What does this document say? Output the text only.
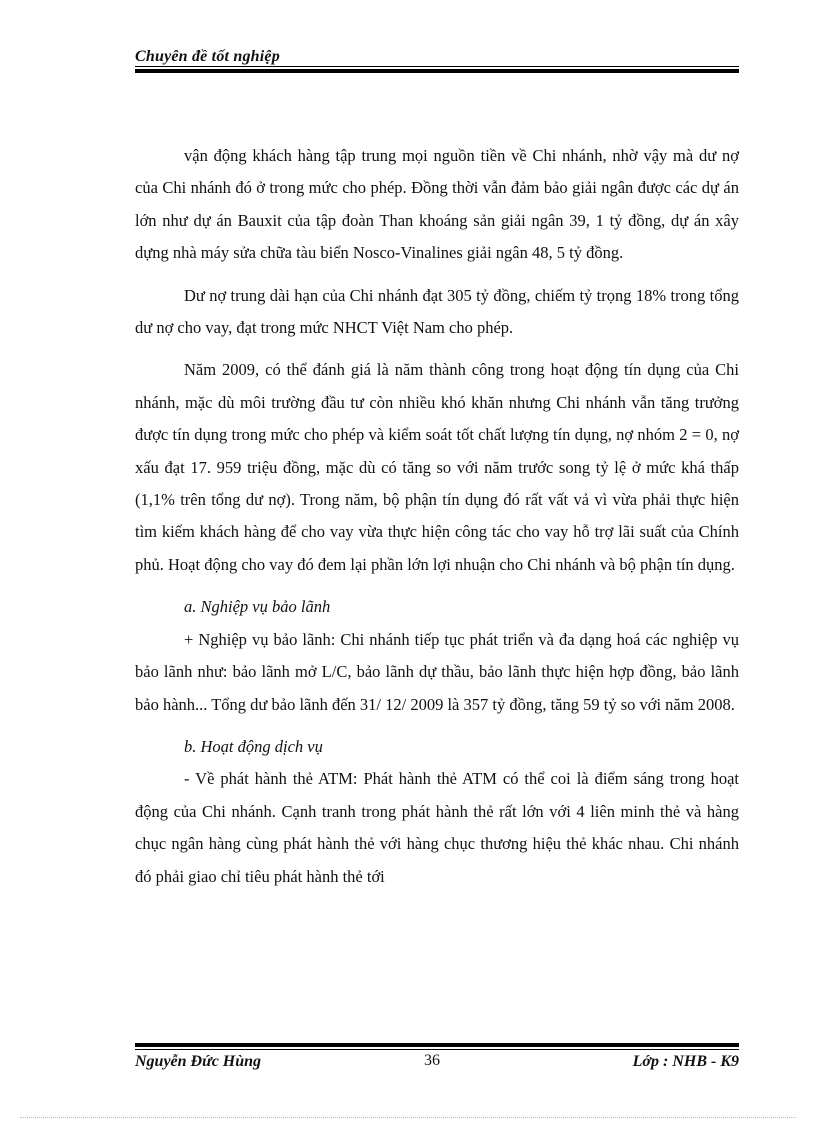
Chuyên đề tốt nghiệp

vận động khách hàng tập trung mọi nguồn tiền về Chi nhánh, nhờ vậy mà dư nợ của Chi nhánh đó ở trong mức cho phép. Đồng thời vẫn đảm bảo giải ngân được các dự án lớn như dự án Bauxit của tập đoàn Than khoáng sản giải ngân 39, 1 tỷ đồng, dự án xây dựng nhà máy sửa chữa tàu biển Nosco-Vinalines giải ngân 48, 5 tỷ đồng.

Dư nợ trung dài hạn của Chi nhánh đạt 305 tỷ đồng, chiếm tỷ trọng 18% trong tổng dư nợ cho vay, đạt trong mức NHCT Việt Nam cho phép.

Năm 2009, có thể đánh giá là năm thành công trong hoạt động tín dụng của Chi nhánh, mặc dù môi trường đầu tư còn nhiều khó khăn nhưng Chi nhánh vẫn tăng trưởng được tín dụng trong mức cho phép và kiểm soát tốt chất lượng tín dụng, nợ nhóm 2 = 0, nợ xấu đạt 17. 959 triệu đồng, mặc dù có tăng so với năm trước song tỷ lệ ở mức khá thấp (1,1% trên tổng dư nợ). Trong năm, bộ phận tín dụng đó rất vất vả vì vừa phải thực hiện tìm kiếm khách hàng để cho vay vừa thực hiện công tác cho vay hỗ trợ lãi suất của Chính phủ. Hoạt động cho vay đó đem lại phần lớn lợi nhuận cho Chi nhánh và bộ phận tín dụng.

a. Nghiệp vụ bảo lãnh

+ Nghiệp vụ bảo lãnh: Chi nhánh tiếp tục phát triển và đa dạng hoá các nghiệp vụ bảo lãnh như: bảo lãnh mở L/C, bảo lãnh dự thầu, bảo lãnh thực hiện hợp đồng, bảo lãnh bảo hành... Tổng dư bảo lãnh đến 31/ 12/ 2009 là 357 tỷ đồng, tăng 59 tỷ so với năm 2008.

b. Hoạt động dịch vụ

- Về phát hành thẻ ATM: Phát hành thẻ ATM có thể coi là điểm sáng trong hoạt động của Chi nhánh. Cạnh tranh trong phát hành thẻ rất lớn với 4 liên minh thẻ và hàng chục ngân hàng cùng phát hành thẻ với hàng chục thương hiệu thẻ khác nhau. Chi nhánh đó phải giao chỉ tiêu phát hành thẻ tới

Nguyễn Đức Hùng	36	Lớp : NHB - K9
